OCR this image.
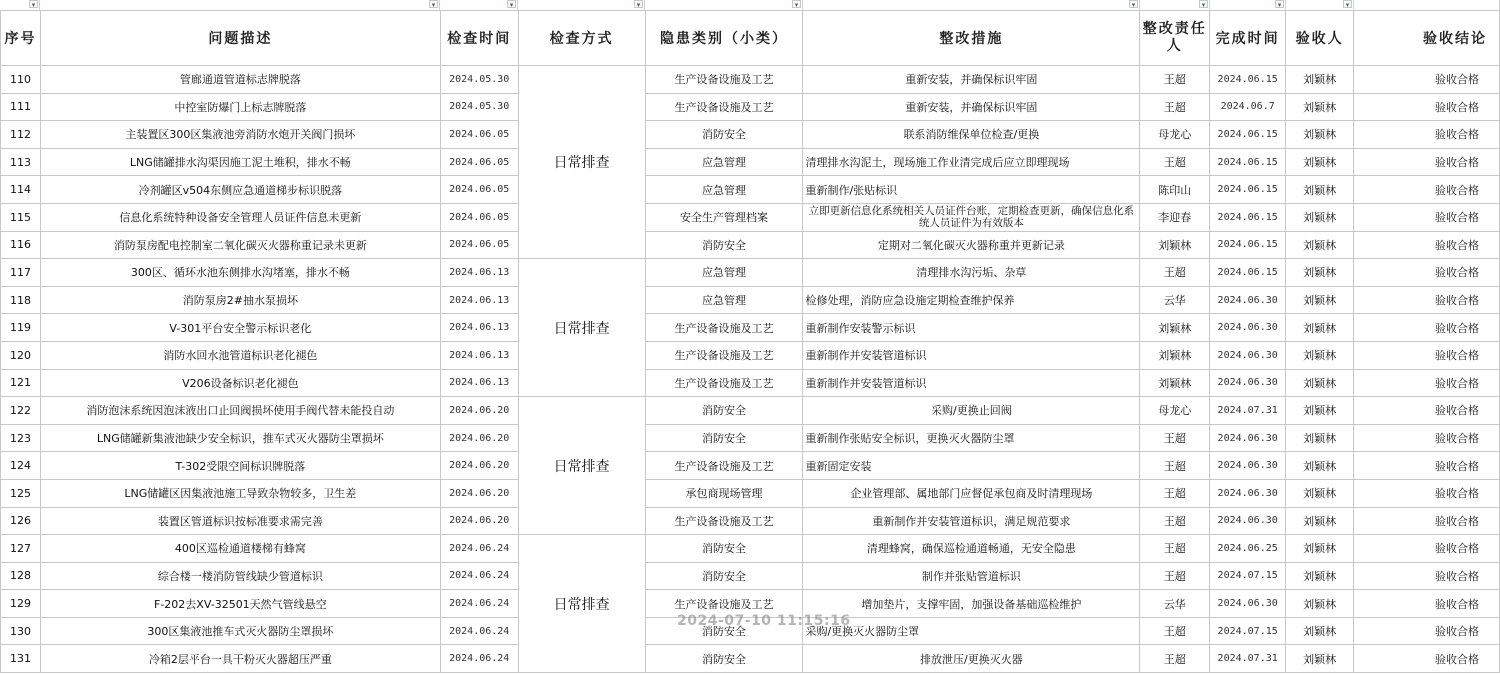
▾	▾	▾	▾	▾	▾	▾	▾	▾
序号	问题描述	检查时间	检查方式	隐患类别（小类）	整改措施	整改责任人	完成时间	验收人	验收结论
110	管廊通道管道标志牌脱落	2024.05.30	日常排查	生产设备设施及工艺	重新安装，并确保标识牢固	王超	2024.06.15	刘颖林	验收合格
111	中控室防爆门上标志牌脱落	2024.05.30		生产设备设施及工艺	重新安装，并确保标识牢固	王超	2024.06.7	刘颖林	验收合格
112	主装置区300区集液池旁消防水炮开关阀门损坏	2024.06.05		消防安全	联系消防维保单位检查/更换	母龙心	2024.06.15	刘颖林	验收合格
113	LNG储罐排水沟渠因施工泥土堆积，排水不畅	2024.06.05		应急管理	清理排水沟泥土，现场施工作业清完成后应立即理现场	王超	2024.06.15	刘颖林	验收合格
114	冷剂罐区v504东侧应急通道梯步标识脱落	2024.06.05		应急管理	重新制作/张贴标识	陈印山	2024.06.15	刘颖林	验收合格
115	信息化系统特种设备安全管理人员证件信息未更新	2024.06.05		安全生产管理档案	立即更新信息化系统相关人员证件台账，定期检查更新，确保信息化系统人员证件为有效版本	李迎春	2024.06.15	刘颖林	验收合格
116	消防泵房配电控制室二氧化碳灭火器称重记录未更新	2024.06.05		消防安全	定期对二氧化碳灭火器称重并更新记录	刘颖林	2024.06.15	刘颖林	验收合格
117	300区、循环水池东侧排水沟堵塞，排水不畅	2024.06.13	日常排查	应急管理	清理排水沟污垢、杂草	王超	2024.06.15	刘颖林	验收合格
118	消防泵房2#抽水泵损坏	2024.06.13		应急管理	检修处理，消防应急设施定期检查维护保养	云华	2024.06.30	刘颖林	验收合格
119	V-301平台安全警示标识老化	2024.06.13		生产设备设施及工艺	重新制作安装警示标识	刘颖林	2024.06.30	刘颖林	验收合格
120	消防水回水池管道标识老化褪色	2024.06.13		生产设备设施及工艺	重新制作并安装管道标识	刘颖林	2024.06.30	刘颖林	验收合格
121	V206设备标识老化褪色	2024.06.13		生产设备设施及工艺	重新制作并安装管道标识	刘颖林	2024.06.30	刘颖林	验收合格
122	消防泡沫系统因泡沫液出口止回阀损坏使用手阀代替未能投自动	2024.06.20	日常排查	消防安全	采购/更换止回阀	母龙心	2024.07.31	刘颖林	验收合格
123	LNG储罐新集液池缺少安全标识，推车式灭火器防尘罩损坏	2024.06.20		消防安全	重新制作张贴安全标识，更换灭火器防尘罩	王超	2024.06.30	刘颖林	验收合格
124	T-302受限空间标识牌脱落	2024.06.20		生产设备设施及工艺	重新固定安装	王超	2024.06.30	刘颖林	验收合格
125	LNG储罐区因集液池施工导致杂物较多，卫生差	2024.06.20		承包商现场管理	企业管理部、属地部门应督促承包商及时清理现场	王超	2024.06.30	刘颖林	验收合格
126	装置区管道标识按标准要求需完善	2024.06.20		生产设备设施及工艺	重新制作并安装管道标识，满足规范要求	王超	2024.06.30	刘颖林	验收合格
127	400区巡检通道楼梯有蜂窝	2024.06.24	日常排查	消防安全	清理蜂窝，确保巡检通道畅通，无安全隐患	王超	2024.06.25	刘颖林	验收合格
128	综合楼一楼消防管线缺少管道标识	2024.06.24		消防安全	制作并张贴管道标识	王超	2024.07.15	刘颖林	验收合格
129	F-202去XV-32501天然气管线悬空	2024.06.24		生产设备设施及工艺	增加垫片，支撑牢固，加强设备基础巡检维护	云华	2024.06.30	刘颖林	验收合格
130	300区集液池推车式灭火器防尘罩损坏	2024.06.24		消防安全	采购/更换灭火器防尘罩	王超	2024.07.15	刘颖林	验收合格
131	冷箱2层平台一具干粉灭火器超压严重	2024.06.24		消防安全	排放泄压/更换灭火器	王超	2024.07.31	刘颖林	验收合格
2024-07-10 11:15:16
